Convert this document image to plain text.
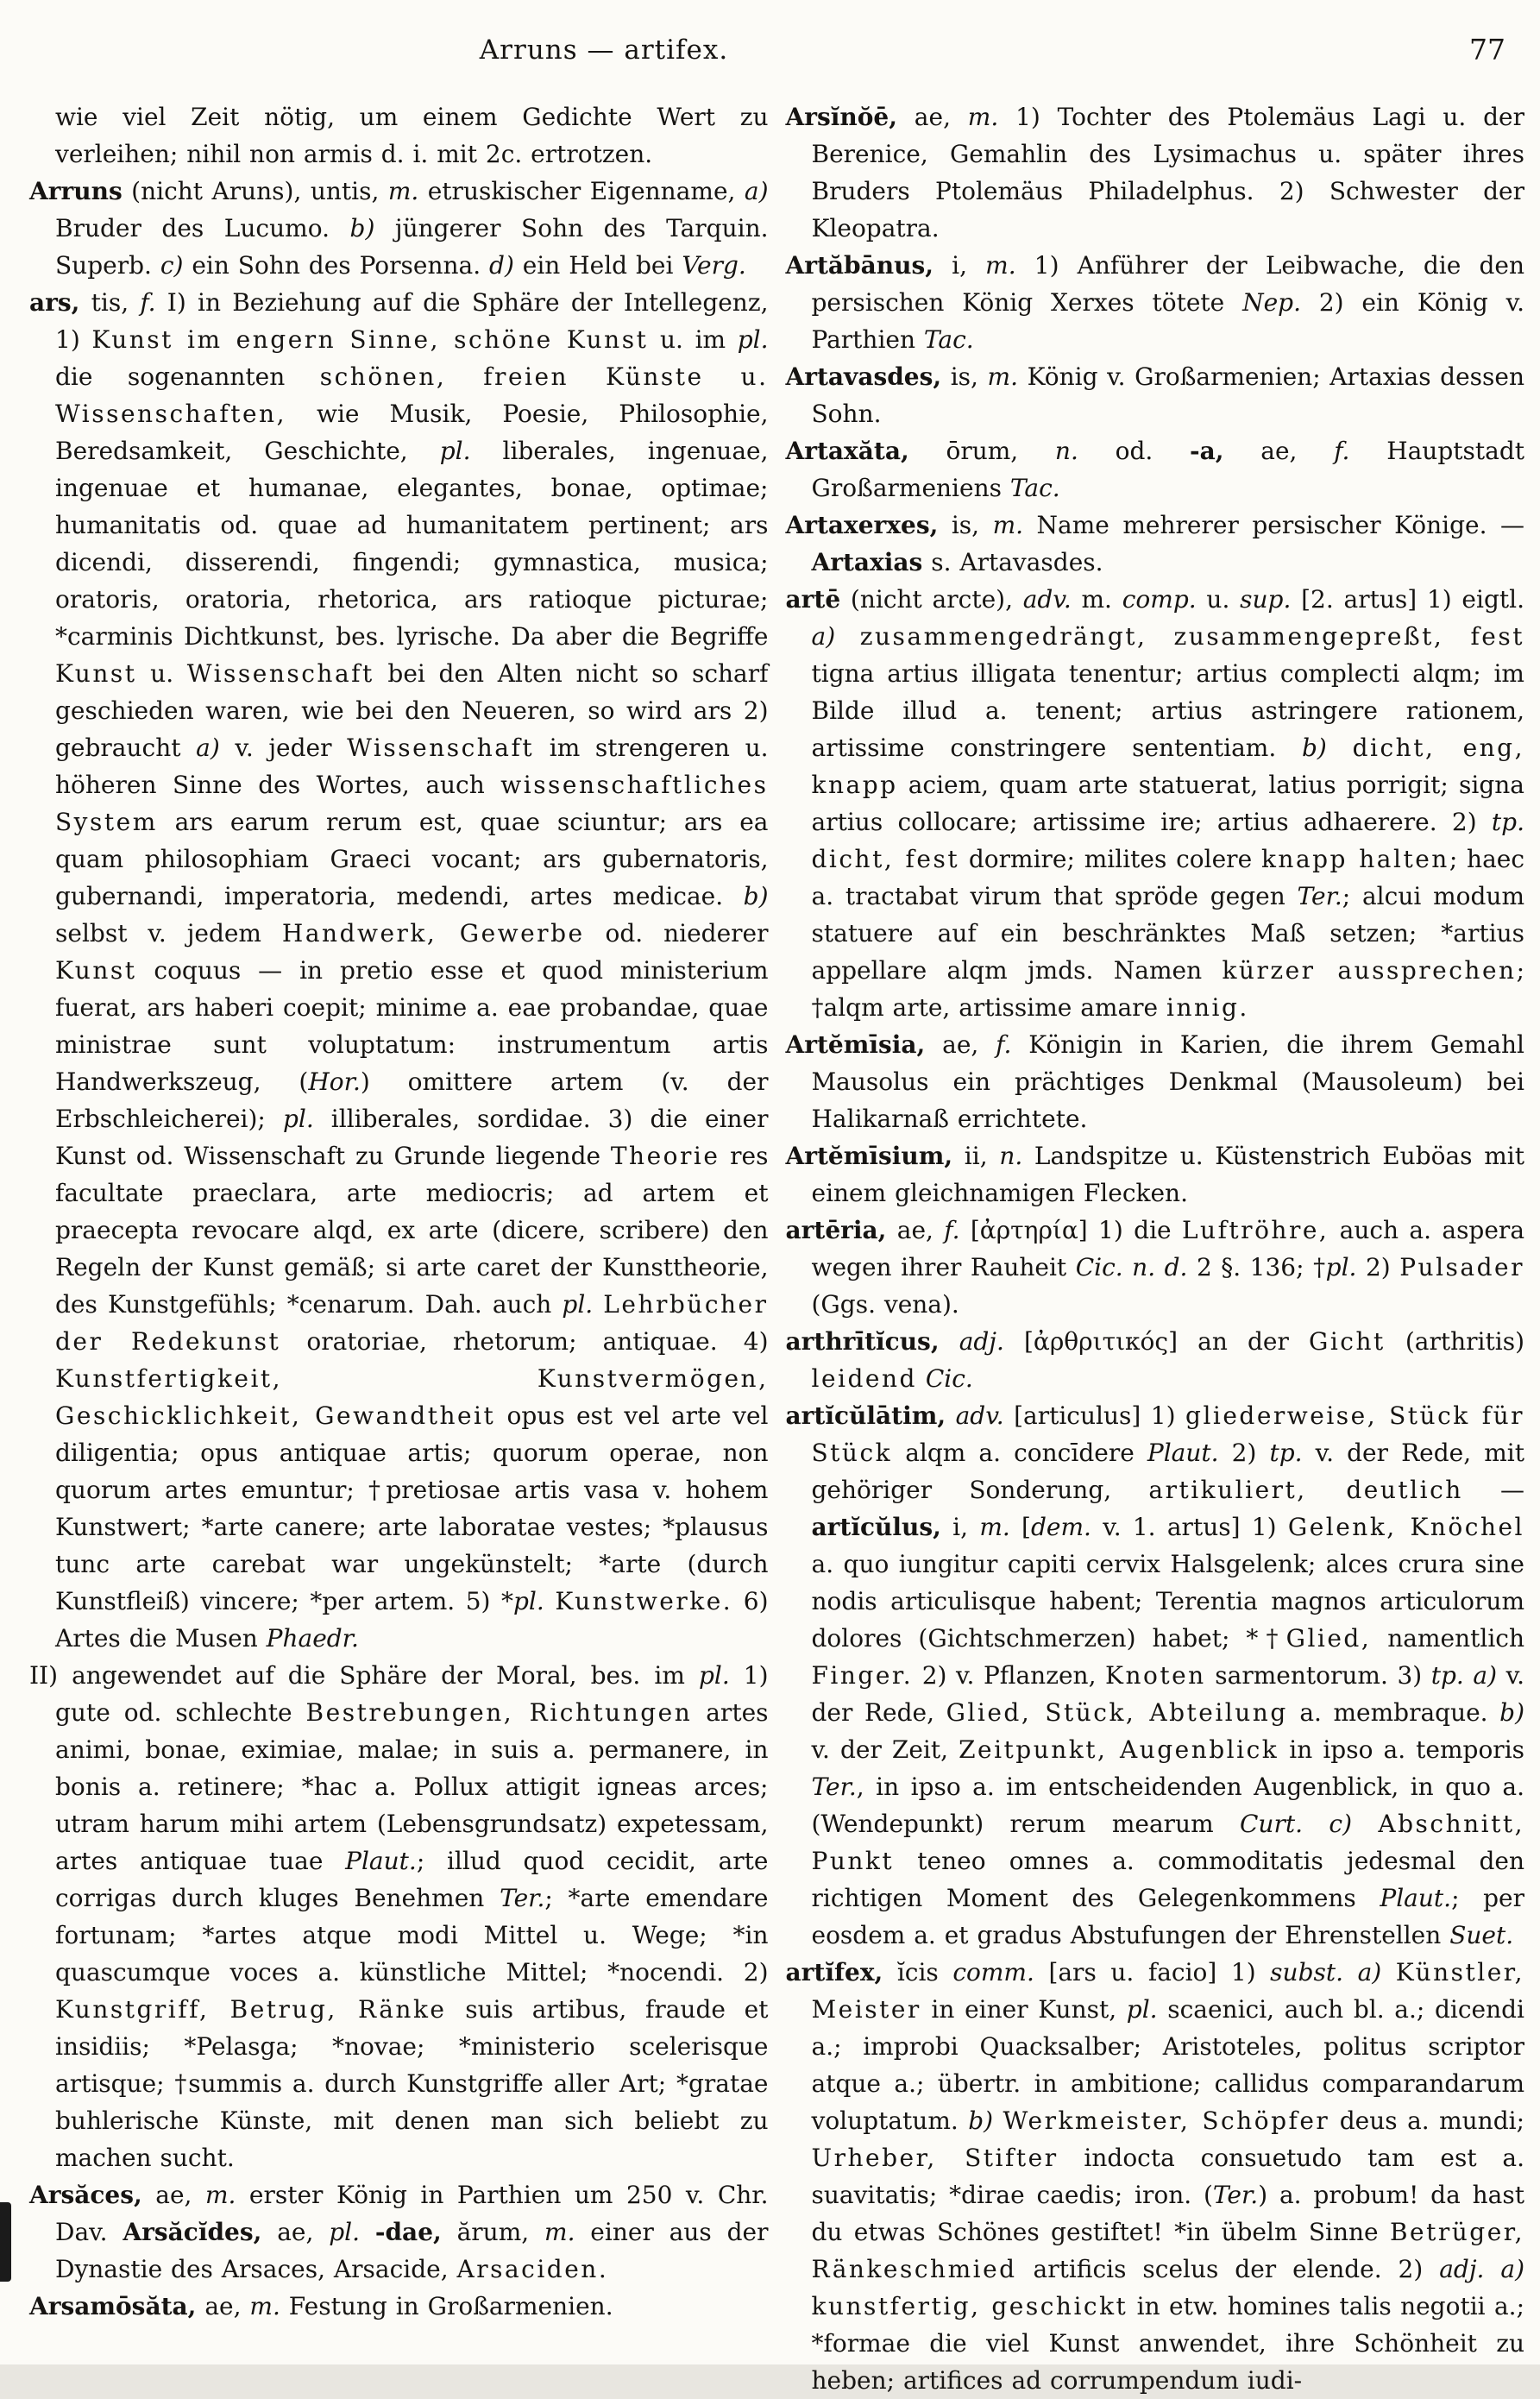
Arruns — artifex.	77

wie viel Zeit nötig, um einem Gedichte Wert zu verleihen; nihil non armis d. i. mit 2c. ertrotzen.

Arruns (nicht Aruns), untis, m. etruskischer Eigenname, a) Bruder des Lucumo. b) jüngerer Sohn des Tarquin. Superb. c) ein Sohn des Porsenna. d) ein Held bei Verg.

ars, tis, f. I) in Beziehung auf die Sphäre der Intellegenz, 1) Kunst im engern Sinne, schöne Kunst u. im pl. die sogenannten schönen, freien Künste u. Wissenschaften, wie Musik, Poesie, Philosophie, Beredsamkeit, Geschichte, pl. liberales, ingenuae, ingenuae et humanae, elegantes, bonae, optimae; humanitatis od. quae ad humanitatem pertinent; ars dicendi, disserendi, fingendi; gymnastica, musica; oratoris, oratoria, rhetorica, ars ratioque picturae; *carminis Dichtkunst, bes. lyrische. Da aber die Begriffe Kunst u. Wissenschaft bei den Alten nicht so scharf geschieden waren, wie bei den Neueren, so wird ars 2) gebraucht a) v. jeder Wissenschaft im strengeren u. höheren Sinne des Wortes, auch wissenschaftliches System ars earum rerum est, quae sciuntur; ars ea quam philosophiam Graeci vocant; ars gubernatoris, gubernandi, imperatoria, medendi, artes medicae. b) selbst v. jedem Handwerk, Gewerbe od. niederer Kunst coquus — in pretio esse et quod ministerium fuerat, ars haberi coepit; minime a. eae probandae, quae ministrae sunt voluptatum: instrumentum artis Handwerkszeug, (Hor.) omittere artem (v. der Erbschleicherei); pl. illiberales, sordidae. 3) die einer Kunst od. Wissenschaft zu Grunde liegende Theorie res facultate praeclara, arte mediocris; ad artem et praecepta revocare alqd, ex arte (dicere, scribere) den Regeln der Kunst gemäß; si arte caret der Kunsttheorie, des Kunstgefühls; *cenarum. Dah. auch pl. Lehrbücher der Redekunst oratoriae, rhetorum; antiquae. 4) Kunstfertigkeit, Kunstvermögen, Geschicklichkeit, Gewandtheit opus est vel arte vel diligentia; opus antiquae artis; quorum operae, non quorum artes emuntur; †pretiosae artis vasa v. hohem Kunstwert; *arte canere; arte laboratae vestes; *plausus tunc arte carebat war ungekünstelt; *arte (durch Kunstfleiß) vincere; *per artem. 5) *pl. Kunstwerke. 6) Artes die Musen Phaedr.

II) angewendet auf die Sphäre der Moral, bes. im pl. 1) gute od. schlechte Bestrebungen, Richtungen artes animi, bonae, eximiae, malae; in suis a. permanere, in bonis a. retinere; *hac a. Pollux attigit igneas arces; utram harum mihi artem (Lebensgrundsatz) expetessam, artes antiquae tuae Plaut.; illud quod cecidit, arte corrigas durch kluges Benehmen Ter.; *arte emendare fortunam; *artes atque modi Mittel u. Wege; *in quascumque voces a. künstliche Mittel; *nocendi. 2) Kunstgriff, Betrug, Ränke suis artibus, fraude et insidiis; *Pelasga; *novae; *ministerio scelerisque artisque; †summis a. durch Kunstgriffe aller Art; *gratae buhlerische Künste, mit denen man sich beliebt zu machen sucht.

Arsăces, ae, m. erster König in Parthien um 250 v. Chr. Dav. Arsăcĭdes, ae, pl. -dae, ărum, m. einer aus der Dynastie des Arsaces, Arsacide, Arsaciden.

Arsamōsăta, ae, m. Festung in Großarmenien.

Arsĭnŏē, ae, m. 1) Tochter des Ptolemäus Lagi u. der Berenice, Gemahlin des Lysimachus u. später ihres Bruders Ptolemäus Philadelphus. 2) Schwester der Kleopatra.

Artăbānus, i, m. 1) Anführer der Leibwache, die den persischen König Xerxes tötete Nep. 2) ein König v. Parthien Tac.

Artavasdes, is, m. König v. Großarmenien; Artaxias dessen Sohn.

Artaxăta, ōrum, n. od. -a, ae, f. Hauptstadt Großarmeniens Tac.

Artaxerxes, is, m. Name mehrerer persischer Könige. — Artaxias s. Artavasdes.

artē (nicht arcte), adv. m. comp. u. sup. [2. artus] 1) eigtl. a) zusammengedrängt, zusammengepreßt, fest tigna artius illigata tenentur; artius complecti alqm; im Bilde illud a. tenent; artius astringere rationem, artissime constringere sententiam. b) dicht, eng, knapp aciem, quam arte statuerat, latius porrigit; signa artius collocare; artissime ire; artius adhaerere. 2) tp. dicht, fest dormire; milites colere knapp halten; haec a. tractabat virum that spröde gegen Ter.; alcui modum statuere auf ein beschränktes Maß setzen; *artius appellare alqm jmds. Namen kürzer aussprechen; †alqm arte, artissime amare innig.

Artĕmīsia, ae, f. Königin in Karien, die ihrem Gemahl Mausolus ein prächtiges Denkmal (Mausoleum) bei Halikarnaß errichtete.

Artĕmīsium, ii, n. Landspitze u. Küstenstrich Euböas mit einem gleichnamigen Flecken.

artēria, ae, f. [ἀρτηρία] 1) die Luftröhre, auch a. aspera wegen ihrer Rauheit Cic. n. d. 2 §. 136; †pl. 2) Pulsader (Ggs. vena).

arthrītĭcus, adj. [ἀρθριτικός] an der Gicht (arthritis) leidend Cic.

artĭcŭlātim, adv. [articulus] 1) gliederweise, Stück für Stück alqm a. concīdere Plaut. 2) tp. v. der Rede, mit gehöriger Sonderung, artikuliert, deutlich — artĭcŭlus, i, m. [dem. v. 1. artus] 1) Gelenk, Knöchel a. quo iungitur capiti cervix Halsgelenk; alces crura sine nodis articulisque habent; Terentia magnos articulorum dolores (Gichtschmerzen) habet; *†Glied, namentlich Finger. 2) v. Pflanzen, Knoten sarmentorum. 3) tp. a) v. der Rede, Glied, Stück, Abteilung a. membraque. b) v. der Zeit, Zeitpunkt, Augenblick in ipso a. temporis Ter., in ipso a. im entscheidenden Augenblick, in quo a. (Wendepunkt) rerum mearum Curt. c) Abschnitt, Punkt teneo omnes a. commoditatis jedesmal den richtigen Moment des Gelegenkommens Plaut.; per eosdem a. et gradus Abstufungen der Ehrenstellen Suet.

artĭfex, ĭcis comm. [ars u. facio] 1) subst. a) Künstler, Meister in einer Kunst, pl. scaenici, auch bl. a.; dicendi a.; improbi Quacksalber; Aristoteles, politus scriptor atque a.; übertr. in ambitione; callidus comparandarum voluptatum. b) Werkmeister, Schöpfer deus a. mundi; Urheber, Stifter indocta consuetudo tam est a. suavitatis; *dirae caedis; iron. (Ter.) a. probum! da hast du etwas Schönes gestiftet! *in übelm Sinne Betrüger, Ränkeschmied artificis scelus der elende. 2) adj. a) kunstfertig, geschickt in etw. homines talis negotii a.; *formae die viel Kunst anwendet, ihre Schönheit zu heben; artifices ad corrumpendum iudi-
